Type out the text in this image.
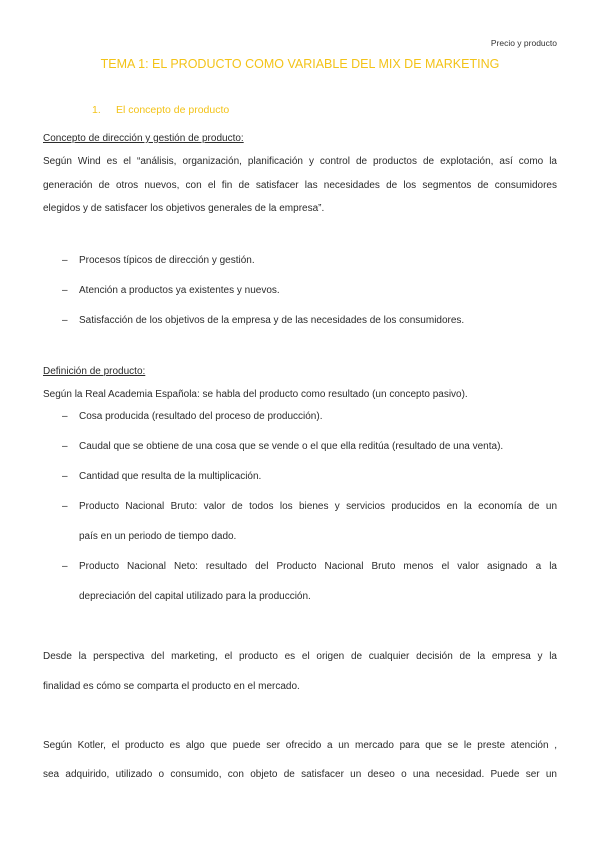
Precio y producto
TEMA 1: EL PRODUCTO COMO VARIABLE DEL MIX DE MARKETING
1. El concepto de producto
Concepto de dirección y gestión de producto:
Según Wind es el “análisis, organización, planificación y control de productos de explotación, así como la
generación de otros nuevos, con el fin de satisfacer las necesidades de los segmentos de consumidores
elegidos y de satisfacer los objetivos generales de la empresa”.
– Procesos típicos de dirección y gestión.
– Atención a productos ya existentes y nuevos.
– Satisfacción de los objetivos de la empresa y de las necesidades de los consumidores.
Definición de producto:
Según la Real Academia Española: se habla del producto como resultado (un concepto pasivo).
– Cosa producida (resultado del proceso de producción).
– Caudal que se obtiene de una cosa que se vende o el que ella reditúa (resultado de una venta).
– Cantidad que resulta de la multiplicación.
– Producto Nacional Bruto: valor de todos los bienes y servicios producidos en la economía de un
país en un periodo de tiempo dado.
– Producto Nacional Neto: resultado del Producto Nacional Bruto menos el valor asignado a la
depreciación del capital utilizado para la producción.
Desde la perspectiva del marketing, el producto es el origen de cualquier decisión de la empresa y la
finalidad es cómo se comparta el producto en el mercado.
Según Kotler, el producto es algo que puede ser ofrecido a un mercado para que se le preste atención ,
sea adquirido, utilizado o consumido, con objeto de satisfacer un deseo o una necesidad. Puede ser un
